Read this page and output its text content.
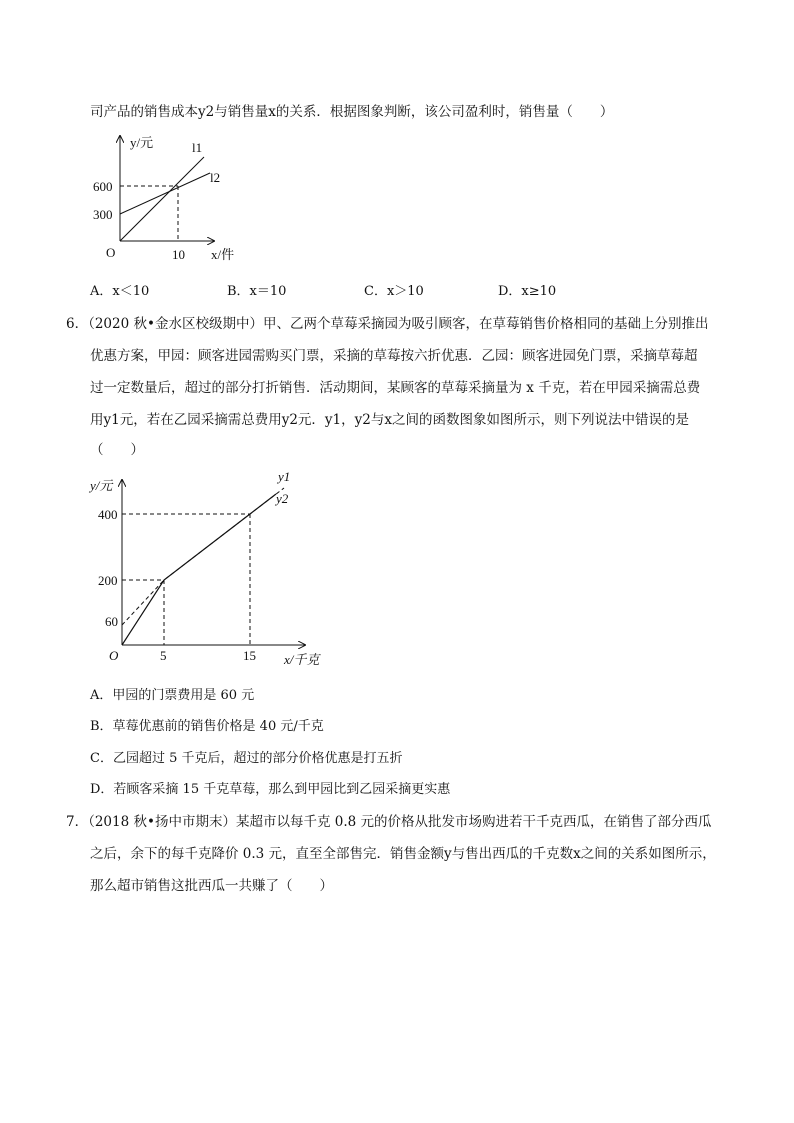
司产品的销售成本y2与销售量x的关系．根据图象判断，该公司盈利时，销售量（　　）
y/元	l1
l2
600
300
O	10 x/件
A．x＜10	B．x＝10	C．x＞10	D．x≥10
6．（2020 秋•金水区校级期中）甲、乙两个草莓采摘园为吸引顾客，在草莓销售价格相同的基础上分别推出
优惠方案，甲园：顾客进园需购买门票，采摘的草莓按六折优惠．乙园：顾客进园免门票，采摘草莓超
过一定数量后，超过的部分打折销售．活动期间，某顾客的草莓采摘量为 x 千克，若在甲园采摘需总费
用y1元，若在乙园采摘需总费用y2元．y1，y2与x之间的函数图象如图所示，则下列说法中错误的是
（　　）
y/元
y1
y2
400
200
60
O	5	15 x/千克
A．甲园的门票费用是 60 元
B．草莓优惠前的销售价格是 40 元/千克
C．乙园超过 5 千克后，超过的部分价格优惠是打五折
D．若顾客采摘 15 千克草莓，那么到甲园比到乙园采摘更实惠
7．（2018 秋•扬中市期末）某超市以每千克 0.8 元的价格从批发市场购进若干千克西瓜，在销售了部分西瓜
之后，余下的每千克降价 0.3 元，直至全部售完．销售金额y与售出西瓜的千克数x之间的关系如图所示，
那么超市销售这批西瓜一共赚了（　　）
